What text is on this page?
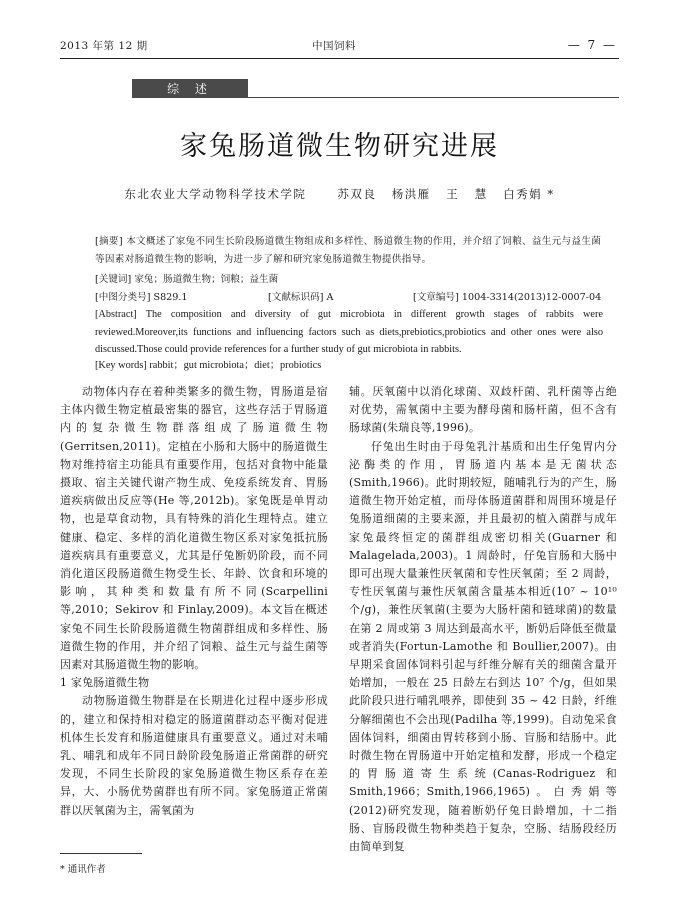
2013 年第 12 期	中国饲料	— 7 —
综 述
家兔肠道微生物研究进展
东北农业大学动物科学技术学院      苏双良   杨洪雁   王   慧   白秀娟 *
[摘要] 本文概述了家兔不同生长阶段肠道微生物组成和多样性、肠道微生物的作用，并介绍了饲粮、益生元与益生菌等因素对肠道微生物的影响，为进一步了解和研究家兔肠道微生物提供指导。
[关键词] 家兔；肠道微生物；饲粮；益生菌
[中图分类号] S829.1	[文献标识码] A	[文章编号] 1004-3314(2013)12-0007-04
[Abstract] The composition and diversity of gut microbiota in different growth stages of rabbits were reviewed.Moreover,its functions and influencing factors such as diets,prebiotics,probiotics and other ones were also discussed.Those could provide references for a further study of gut microbiota in rabbits.
[Key words] rabbit；gut microbiota；diet；probiotics

动物体内存在着种类繁多的微生物，胃肠道是宿主体内微生物定植最密集的器官，这些存活于胃肠道内的复杂微生物群落组成了肠道微生物(Gerritsen,2011)。定植在小肠和大肠中的肠道微生物对维持宿主功能具有重要作用，包括对食物中能量摄取、宿主关键代谢产物生成、免疫系统发育、胃肠道疾病做出反应等(He 等,2012b)。家兔既是单胃动物，也是草食动物，具有特殊的消化生理特点。建立健康、稳定、多样的消化道微生物区系对家兔抵抗肠道疾病具有重要意义，尤其是仔兔断奶阶段，而不同消化道区段肠道微生物受生长、年龄、饮食和环境的影响，其种类和数量有所不同(Scarpellini 等,2010；Sekirov 和 Finlay,2009)。本文旨在概述家兔不同生长阶段肠道微生物菌群组成和多样性、肠道微生物的作用，并介绍了饲粮、益生元与益生菌等因素对其肠道微生物的影响。

1 家兔肠道微生物

动物肠道微生物群是在长期进化过程中逐步形成的，建立和保持相对稳定的肠道菌群动态平衡对促进机体生长发育和肠道健康具有重要意义。通过对未哺乳、哺乳和成年不同日龄阶段兔肠道正常菌群的研究发现，不同生长阶段的家兔肠道微生物区系存在差异，大、小肠优势菌群也有所不同。家兔肠道正常菌群以厌氧菌为主，需氧菌为

辅。厌氧菌中以消化球菌、双歧杆菌、乳杆菌等占绝对优势，需氧菌中主要为酵母菌和肠杆菌，但不含有肠球菌(朱瑞良等,1996)。

仔兔出生时由于母兔乳汁基质和出生仔兔胃内分泌酶类的作用，胃肠道内基本是无菌状态(Smith,1966)。此时期较短，随哺乳行为的产生，肠道微生物开始定植，而母体肠道菌群和周围环境是仔兔肠道细菌的主要来源，并且最初的植入菌群与成年家兔最终恒定的菌群组成密切相关(Guarner 和 Malagelada,2003)。1 周龄时，仔兔盲肠和大肠中即可出现大量兼性厌氧菌和专性厌氧菌；至 2 周龄，专性厌氧菌与兼性厌氧菌含量基本相近(10⁷ ~ 10¹⁰ 个/g)，兼性厌氧菌(主要为大肠杆菌和链球菌)的数量在第 2 周或第 3 周达到最高水平，断奶后降低至微量或者消失(Fortun-Lamothe 和 Boullier,2007)。由早期采食固体饲料引起与纤维分解有关的细菌含量开始增加，一般在 25 日龄左右到达 10⁷ 个/g，但如果此阶段只进行哺乳喂养，即使到 35 ~ 42 日龄，纤维分解细菌也不会出现(Padilha 等,1999)。自动兔采食固体饲料，细菌由胃转移到小肠、盲肠和结肠中。此时微生物在胃肠道中开始定植和发酵，形成一个稳定的胃肠道寄生系统(Canas-Rodriguez 和 Smith,1966；Smith,1966,1965)。白秀娟等(2012)研究发现，随着断奶仔兔日龄增加，十二指肠、盲肠段微生物种类趋于复杂，空肠、结肠段经历由简单到复

* 通讯作者
